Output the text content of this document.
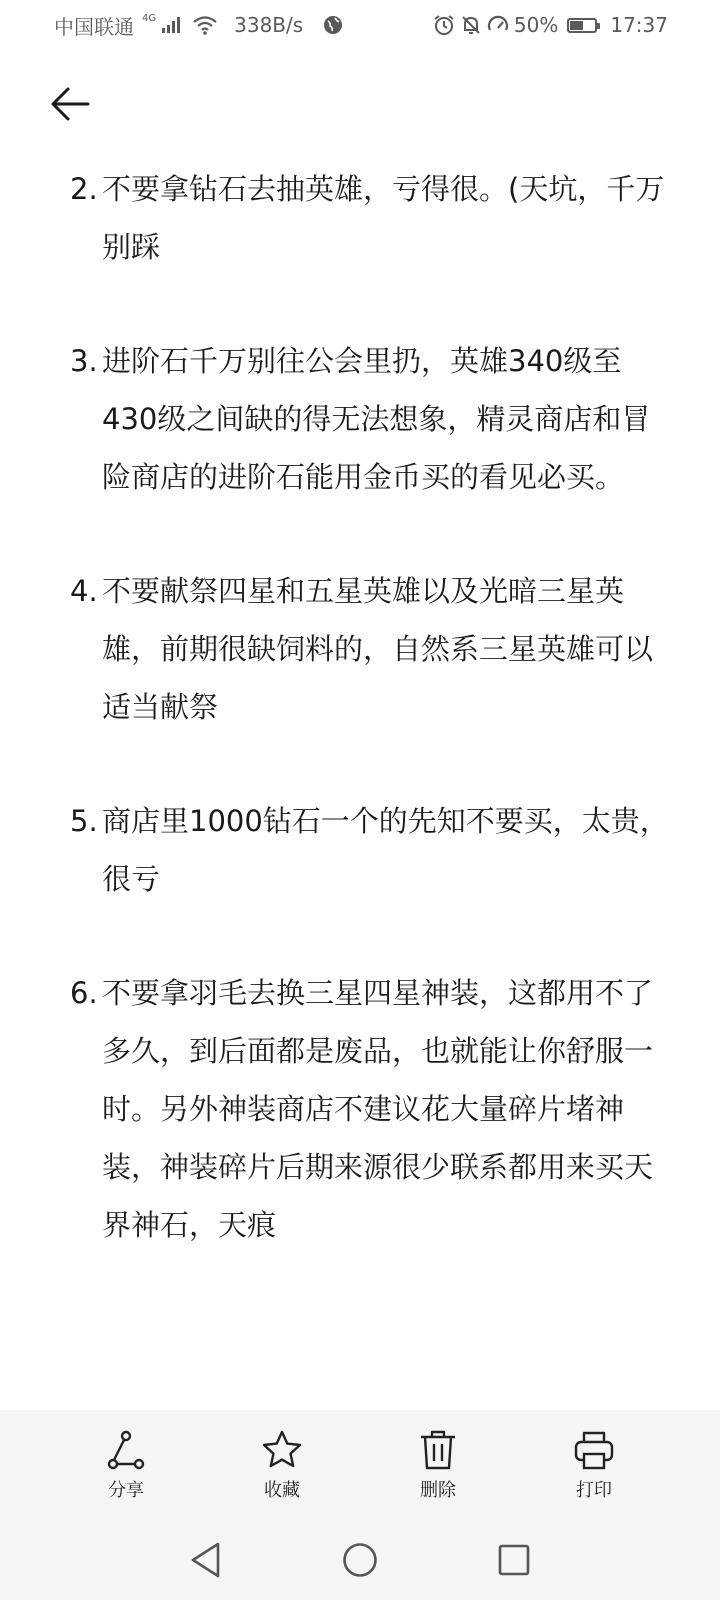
中国联通 4G	338B/s	50%	17:37
2. 不要拿钻石去抽英雄，亏得很。(天坑，千万别踩
3. 进阶石千万别往公会里扔，英雄340级至430级之间缺的得无法想象，精灵商店和冒险商店的进阶石能用金币买的看见必买。
4. 不要献祭四星和五星英雄以及光暗三星英雄，前期很缺饲料的，自然系三星英雄可以适当献祭
5. 商店里1000钻石一个的先知不要买，太贵，很亏
6. 不要拿羽毛去换三星四星神装，这都用不了多久，到后面都是废品，也就能让你舒服一时。另外神装商店不建议花大量碎片堵神装，神装碎片后期来源很少联系都用来买天界神石，天痕
分享	收藏	删除	打印
